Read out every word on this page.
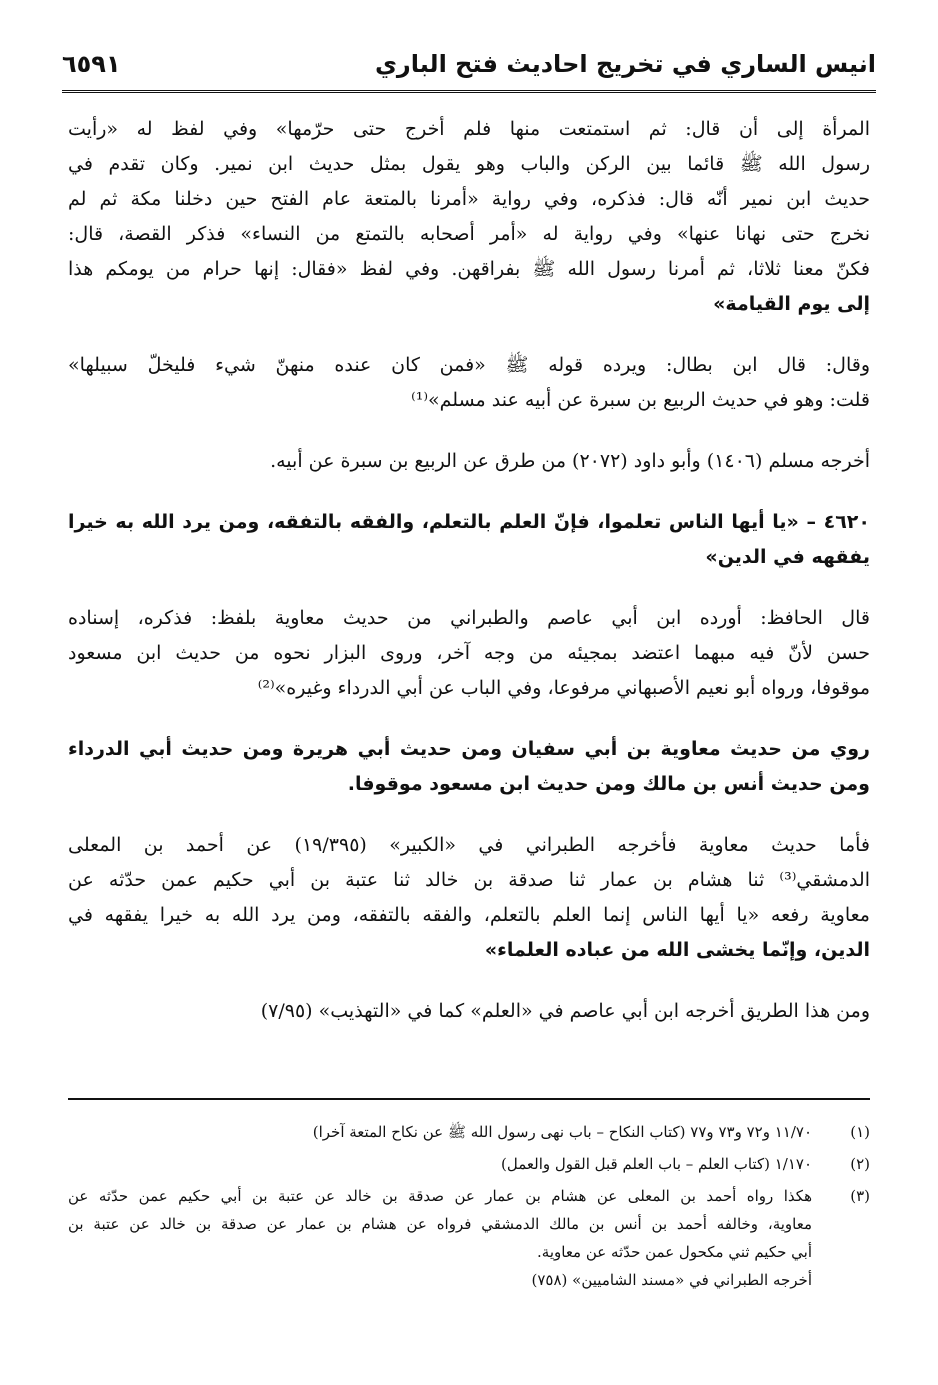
انيس الساري في تخريج احاديث فتح الباري
٦٥٩١
المرأة إلى أن قال: ثم استمتعت منها فلم أخرج حتى حرّمها» وفي لفظ له «رأيت
رسول الله ﷺ قائما بين الركن والباب وهو يقول بمثل حديث ابن نمير. وكان تقدم في
حديث ابن نمير أنّه قال: فذكره، وفي رواية «أمرنا بالمتعة عام الفتح حين دخلنا مكة ثم لم
نخرج حتى نهانا عنها» وفي رواية له «أمر أصحابه بالتمتع من النساء» فذكر القصة، قال:
فكنّ معنا ثلاثا، ثم أمرنا رسول الله ﷺ بفراقهن. وفي لفظ «فقال: إنها حرام من يومكم هذا
إلى يوم القيامة»
وقال: قال ابن بطال: ويرده قوله ﷺ «فمن كان عنده منهنّ شيء فليخلّ سبيلها»
قلت: وهو في حديث الربيع بن سبرة عن أبيه عند مسلم»⁽¹⁾
أخرجه مسلم (١٤٠٦) وأبو داود (٢٠٧٢) من طرق عن الربيع بن سبرة عن أبيه.
٤٦٢٠ – «يا أيها الناس تعلموا، فإنّ العلم بالتعلم، والفقه بالتفقه، ومن يرد الله به خيرا
يفقهه في الدين»
قال الحافظ: أورده ابن أبي عاصم والطبراني من حديث معاوية بلفظ: فذكره، إسناده
حسن لأنّ فيه مبهما اعتضد بمجيئه من وجه آخر، وروى البزار نحوه من حديث ابن مسعود
موقوفا، ورواه أبو نعيم الأصبهاني مرفوعا، وفي الباب عن أبي الدرداء وغيره»⁽²⁾
روي من حديث معاوية بن أبي سفيان ومن حديث أبي هريرة ومن حديث أبي الدرداء
ومن حديث أنس بن مالك ومن حديث ابن مسعود موقوفا.
فأما حديث معاوية فأخرجه الطبراني في «الكبير» (١٩/٣٩٥) عن أحمد بن المعلى
الدمشقي⁽³⁾ ثنا هشام بن عمار ثنا صدقة بن خالد ثنا عتبة بن أبي حكيم عمن حدّثه عن
معاوية رفعه «يا أيها الناس إنما العلم بالتعلم، والفقه بالتفقه، ومن يرد الله به خيرا يفقهه في
الدين، وإنّما يخشى الله من عباده العلماء»
ومن هذا الطريق أخرجه ابن أبي عاصم في «العلم» كما في «التهذيب» (٧/٩٥)
(١)
١١/٧٠ و٧٢ و٧٣ و٧٧ (كتاب النكاح – باب نهى رسول الله ﷺ عن نكاح المتعة آخرا)
(٢)
١/١٧٠ (كتاب العلم – باب العلم قبل القول والعمل)
(٣)
هكذا رواه أحمد بن المعلى عن هشام بن عمار عن صدقة بن خالد عن عتبة بن أبي حكيم عمن حدّثه عن
معاوية، وخالفه أحمد بن أنس بن مالك الدمشقي فرواه عن هشام بن عمار عن صدقة بن خالد عن عتبة بن
أبي حكيم ثني مكحول عمن حدّثه عن معاوية.
أخرجه الطبراني في «مسند الشاميين» (٧٥٨)
